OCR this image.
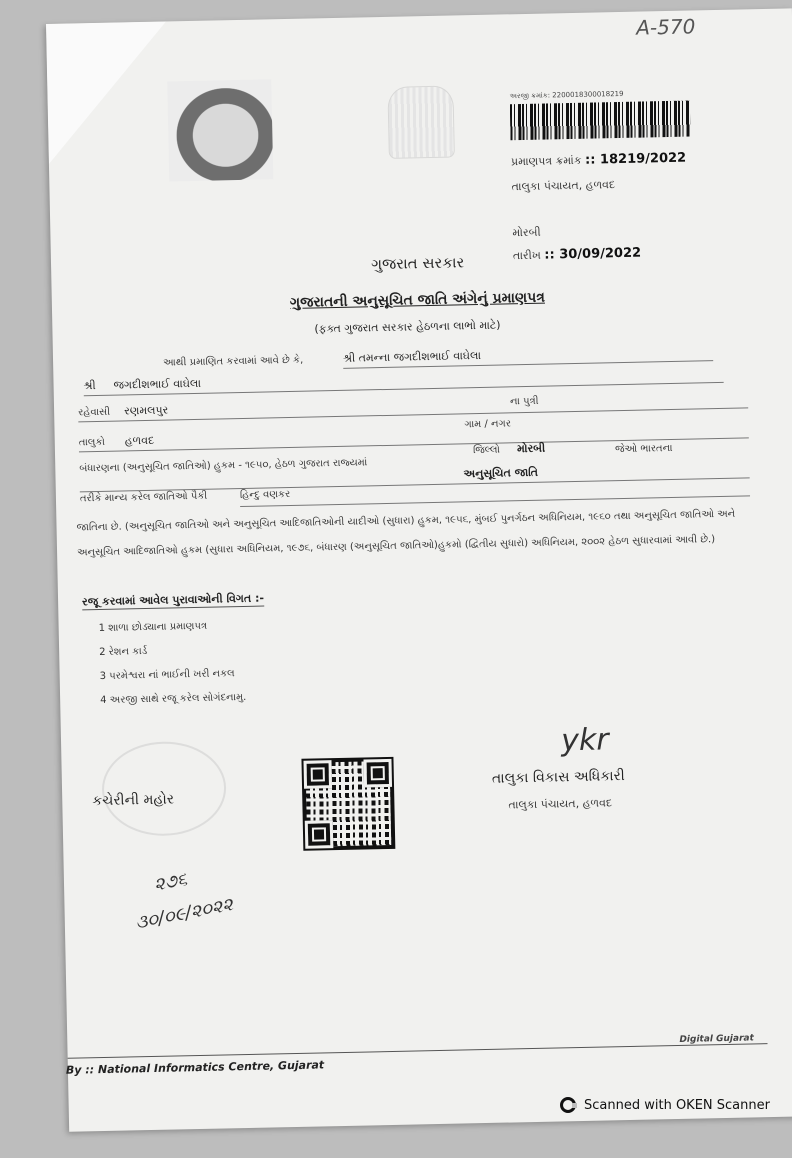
A-570
અરજી ક્રમાંક: 2200018300018219
પ્રમાણપત્ર ક્રમાંક :: 18219/2022
તાલુકા પંચાયત, હળવદ
મોરબી
તારીખ :: 30/09/2022
ગુજરાત સરકાર
ગુજરાતની અનુસૂચિત જાતિ અંગેનું પ્રમાણપત્ર
(ફક્ત ગુજરાત સરકાર હેઠળના લાભો માટે)
આથી પ્રમાણિત કરવામાં આવે છે કે,	શ્રી તમન્ના જગદીશભાઈ વાઘેલા
શ્રી જગદીશભાઈ વાઘેલા
રહેવાસી રણમલપુર
ના પુત્રી
ગામ / નગર
તાલુકો હળવદ
બંધારણના (અનુસૂચિત જાતિઓ) હુકમ - ૧૯૫૦, હેઠળ ગુજરાત રાજ્યમાં
જિલ્લો મોરબી	જેઓ ભારતના
અનુસૂચિત જાતિ
તરીકે માન્ય કરેલ જાતિઓ પૈકી	હિન્દુ વણકર
જાતિના છે. (અનુસૂચિત જાતિઓ અને અનુસૂચિત આદિજાતિઓની યાદીઓ (સુધારા) હુકમ, ૧૯૫૬, મુંબઈ પુનર્ગઠન અધિનિયમ, ૧૯૬૦ તથા અનુસૂચિત જાતિઓ અને અનુસૂચિત આદિજાતિઓ હુકમ (સુધારા અધિનિયમ, ૧૯૭૬, બંધારણ (અનુસૂચિત જાતિઓ)હુકમો (દ્વિતીય સુધારો) અધિનિયમ, ૨૦૦૨ હેઠળ સુધારવામાં આવી છે.)
રજૂ કરવામાં આવેલ પુરાવાઓની વિગત :-
1 શાળા છોડ્યાના પ્રમાણપત્ર
2 રેશન કાર્ડ
3 પરમેશ્વરા નાં ભાઈની ખરી નકલ
4 અરજી સાથે રજૂ કરેલ સોગંદનામુ.
કચેરીની મહોર
ykr
તાલુકા વિકાસ અધિકારી
તાલુકા પંચાયત, હળવદ
૨૭૬
૩૦/૦૯/૨૦૨૨
By :: National Informatics Centre, Gujarat
Digital Gujarat
Scanned with OKEN Scanner
